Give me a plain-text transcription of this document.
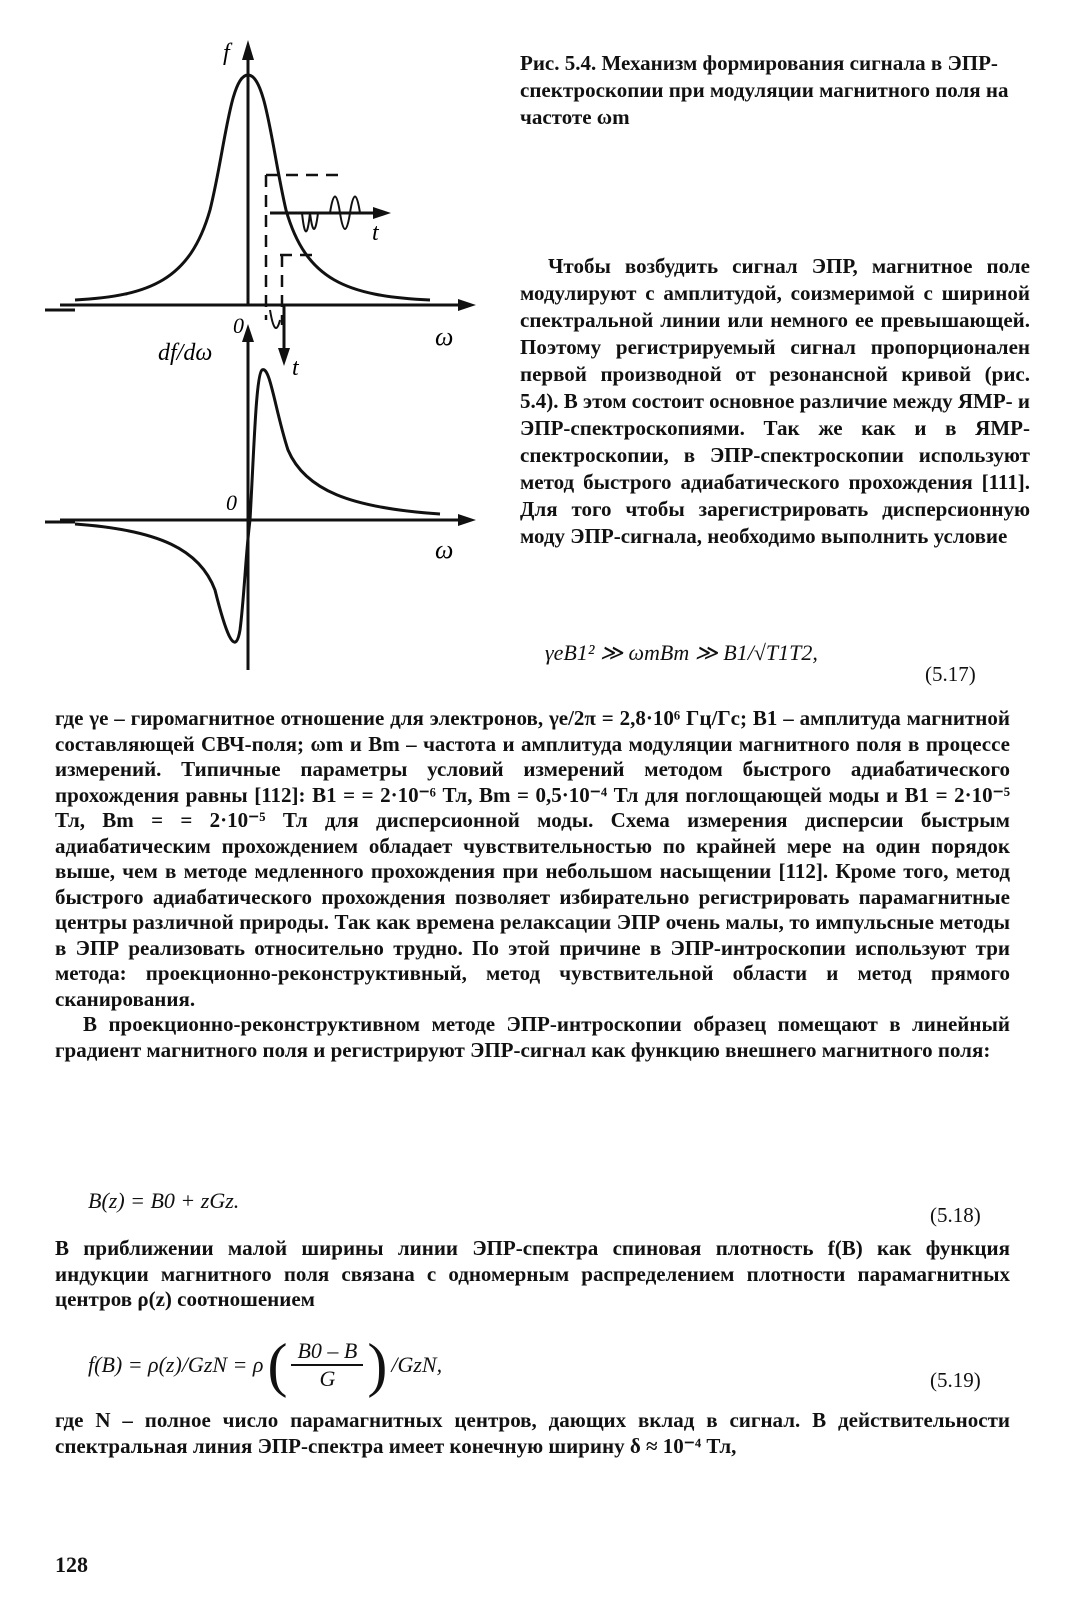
f
t
0	ω
df/dω
t
0
ω

Рис. 5.4. Механизм формирования сигнала в ЭПР-спектроскопии при модуляции магнитного поля на частоте ωm

Чтобы возбудить сигнал ЭПР, магнитное поле модулируют с амплитудой, соизмеримой с шириной спектральной линии или немного ее превышающей. Поэтому регистрируемый сигнал пропорционален первой производной от резонансной кривой (рис. 5.4). В этом состоит основное различие между ЯМР- и ЭПР-спектроскопиями. Так же как и в ЯМР-спектроскопии, в ЭПР-спектроскопии используют метод быстрого адиабатического прохождения [111]. Для того чтобы зарегистрировать дисперсионную моду ЭПР-сигнала, необходимо выполнить условие

γeB1² ≫ ωmBm ≫ B1/√T1T2,
(5.17)

где γe – гиромагнитное отношение для электронов, γe/2π = 2,8·10⁶ Гц/Гс; B1 – амплитуда магнитной составляющей СВЧ-поля; ωm и Bm – частота и амплитуда модуляции магнитного поля в процессе измерений. Типичные параметры условий измерений методом быстрого адиабатического прохождения равны [112]: B1 = = 2·10⁻⁶ Тл, Bm = 0,5·10⁻⁴ Тл для поглощающей моды и B1 = 2·10⁻⁵ Тл, Bm = = 2·10⁻⁵ Тл для дисперсионной моды. Схема измерения дисперсии быстрым адиабатическим прохождением обладает чувствительностью по крайней мере на один порядок выше, чем в методе медленного прохождения при небольшом насыщении [112]. Кроме того, метод быстрого адиабатического прохождения позволяет избирательно регистрировать парамагнитные центры различной природы. Так как времена релаксации ЭПР очень малы, то импульсные методы в ЭПР реализовать относительно трудно. По этой причине в ЭПР-интроскопии используют три метода: проекционно-реконструктивный, метод чувствительной области и метод прямого сканирования.

В проекционно-реконструктивном методе ЭПР-интроскопии образец помещают в линейный градиент магнитного поля и регистрируют ЭПР-сигнал как функцию внешнего магнитного поля:

B(z) = B0 + zGz.
(5.18)

В приближении малой ширины линии ЭПР-спектра спиновая плотность f(B) как функция индукции магнитного поля связана с одномерным распределением плотности парамагнитных центров ρ(z) соотношением

f(B) = ρ(z)/GzN = ρ ( $\frac{B0 - B}{G}$ ) /GzN,
(5.19)

где N – полное число парамагнитных центров, дающих вклад в сигнал. В действительности спектральная линия ЭПР-спектра имеет конечную ширину δ ≈ 10⁻⁴ Тл,

128
